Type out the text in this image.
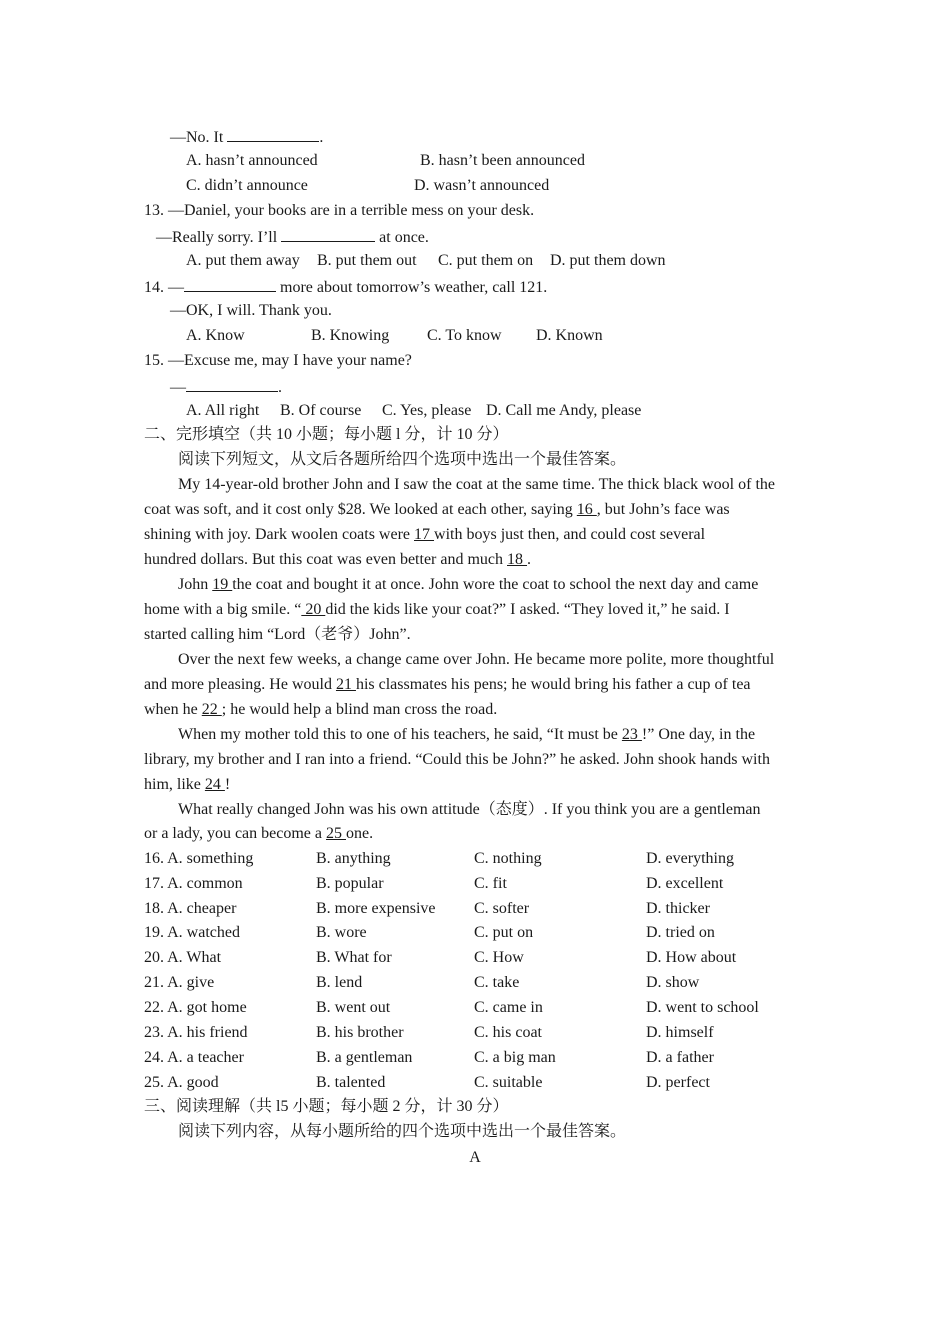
—No. It	.
A. hasn’t announced	B. hasn’t been announced
C. didn’t announce	D. wasn’t announced
13. —Daniel, your books are in a terrible mess on your desk.
—Really sorry. I’ll	at once.
A. put them away B. put them out C. put them on D. put them down
14. —	more about tomorrow’s weather, call 121.
—OK, I will. Thank you.
A. Know	B. Knowing C. To know D. Known
15. —Excuse me, may I have your name?
—	.
A. All right B. Of course C. Yes, please D. Call me Andy, please
二、完形填空（共 10 小题；每小题 l 分，计 10 分）
阅读下列短文，从文后各题所给四个选项中选出一个最佳答案。
My 14-year-old brother John and I saw the coat at the same time. The thick black wool of the
coat was soft, and it cost only $28. We looked at each other, saying 16 , but John’s face was
shining with joy. Dark woolen coats were 17 with boys just then, and could cost several
hundred dollars. But this coat was even better and much 18 .
John 19 the coat and bought it at once. John wore the coat to school the next day and came
home with a big smile. “ 20 did the kids like your coat?” I asked. “They loved it,” he said. I
started calling him “Lord（老爷）John”.
Over the next few weeks, a change came over John. He became more polite, more thoughtful
and more pleasing. He would 21 his classmates his pens; he would bring his father a cup of tea
when he 22 ; he would help a blind man cross the road.
When my mother told this to one of his teachers, he said, “It must be 23 !” One day, in the
library, my brother and I ran into a friend. “Could this be John?” he asked. John shook hands with
him, like 24 !
What really changed John was his own attitude（态度）. If you think you are a gentleman
or a lady, you can become a 25 one.
16. A. something	B. anything	C. nothing	D. everything
17. A. common	B. popular	C. fit	D. excellent
18. A. cheaper	B. more expensive C. softer	D. thicker
19. A. watched	B. wore	C. put on	D. tried on
20. A. What	B. What for	C. How	D. How about
21. A. give	B. lend	C. take	D. show
22. A. got home	B. went out	C. came in	D. went to school
23. A. his friend	B. his brother	C. his coat	D. himself
24. A. a teacher	B. a gentleman	C. a big man	D. a father
25. A. good	B. talented	C. suitable	D. perfect
三、阅读理解（共 l5 小题；每小题 2 分，计 30 分）
阅读下列内容，从每小题所给的四个选项中选出一个最佳答案。
A
